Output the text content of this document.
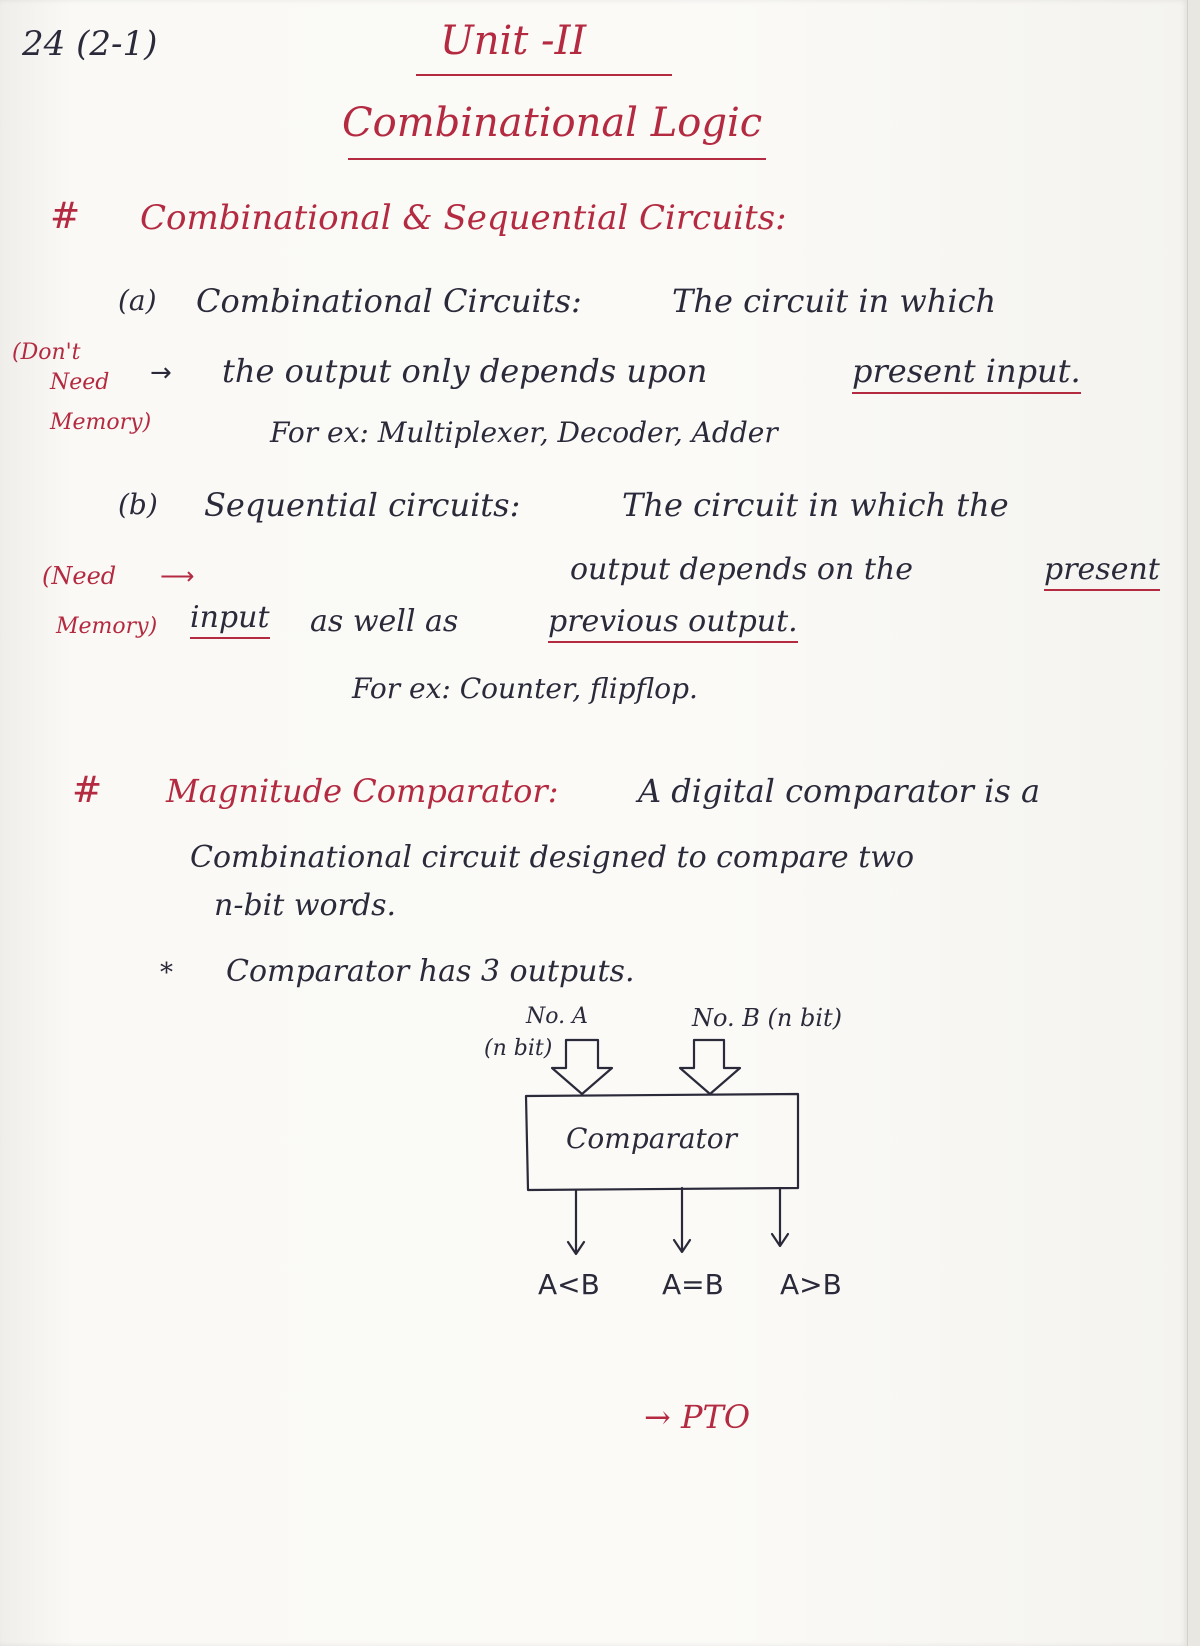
24 (2-1)	Unit -II
Combinational Logic
# Combinational & Sequential Circuits:
(a) Combinational Circuits:	The circuit in which
(Don't
Need
Memory)
→ the output only depends upon	present input.
For ex: Multiplexer, Decoder, Adder
(b) Sequential circuits:	The circuit in which the
(Need ⟶
Memory)
output depends on the	present
input as well as	previous output.
For ex: Counter, flipflop.
# Magnitude Comparator: A digital comparator is a
Combinational circuit designed to compare two
n-bit words.
* Comparator has 3 outputs.
No. A
(n bit)
No. B (n bit)
Comparator
A<B A=B A>B
→ PTO
